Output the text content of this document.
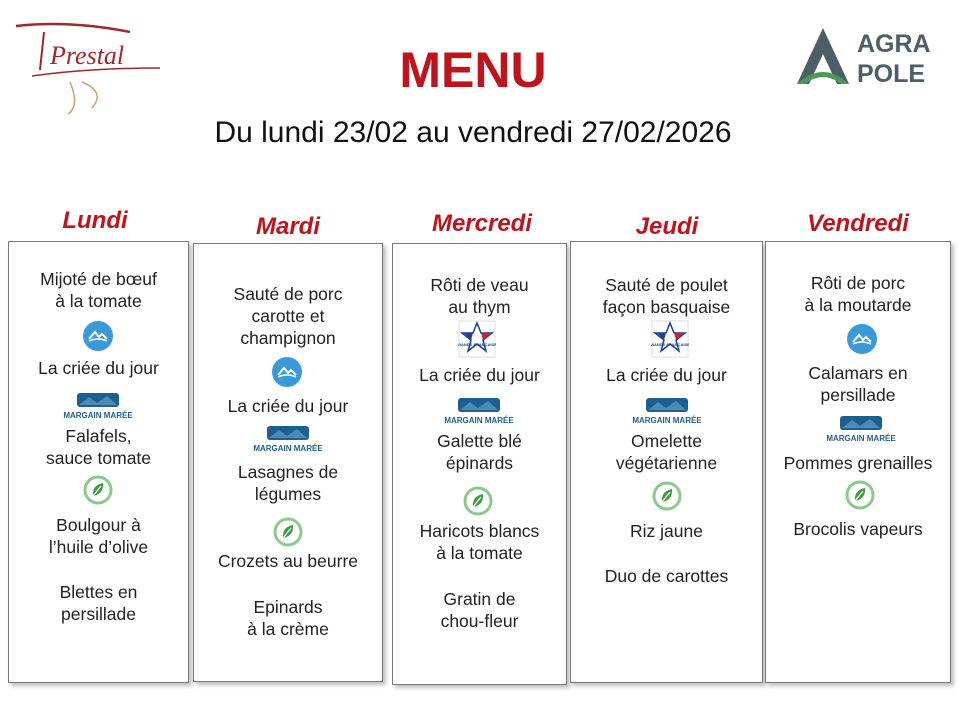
Prestal	AGRA
POLE
MENU
Du lundi 23/02 au vendredi 27/02/2026
Lundi	Mardi	Mercredi	Jeudi	Vendredi
Mijoté de bœuf
à la tomate
La criée du jour
MARGAIN MARÉE
Falafels,
sauce tomate
Boulgour à
l’huile d’olive
Blettes en
persillade
Sauté de porc
carotte et
champignon
La criée du jour
MARGAIN MARÉE
Lasagnes de
légumes
Crozets au beurre
Epinards
à la crème
Rôti de veau
au thym
VIANDE FRANÇAISE
La criée du jour
MARGAIN MARÉE
Galette blé
épinards
Haricots blancs
à la tomate
Gratin de
chou-fleur
Sauté de poulet
façon basquaise
VIANDE FRANÇAISE
La criée du jour
MARGAIN MARÉE
Omelette
végétarienne
Riz jaune
Duo de carottes
Rôti de porc
à la moutarde
Calamars en
persillade
MARGAIN MARÉE
Pommes grenailles
Brocolis vapeurs
